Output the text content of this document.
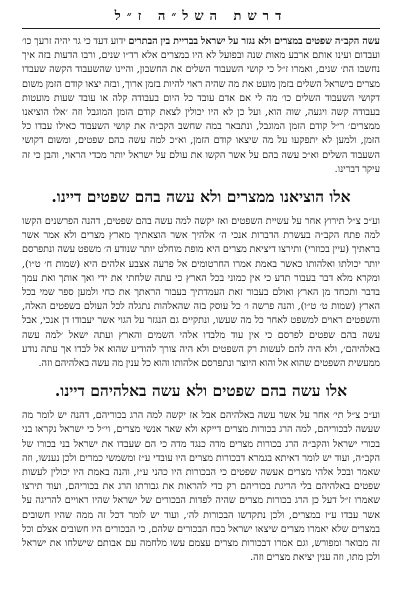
דרשת השל״ה ז״ל

עשה הקב״ה שפטים במצרים ולא נגזר על ישראל בבריית בין הבתרים ידוע דעד כי גר יהיה זרעך כו׳ ועבדום ועינו אותם ארבע מאות שנה ובפועל לא היו במצרים אלא רד״ו שנים, ורבו הדעות בזה איך נחשבו הת׳ שנים, ואמרו ז״ל כי קושי השעבוד השלים את החשבון, והיינו שהשעבוד הקשה שעבדו מצרים בישראל השלים בזמן מועט את מה שהיה ראוי להיות בזמן ארוך, ובזה יצאו קודם הזמן משום דקושי השעבוד השלים כו׳ מה לי אם אדם עובד כל היום בעבודה קלה או עובד שעות מועטות בעבודה קשה ויגעה, שוה הוא, ועל כן לא היו יכולין לצאת קודם הזמן המוגבל וזה ׳אלו הוציאנו ממצרים׳ ר״ל קודם הזמן המוגבל, ונתבאר במה שחשב הקב״ה את קושי השעבוד כאילו עבדו כל הזמן, ולמען לא יתפקעו על מה שיצאו קודם הזמן, וא״כ למה עשה בהם שפטים, ומשום דקושי השעבוד השלים וא״כ עשה בהם על אשר הקשו את עולם על ישראל יותר מכדי הראוי, והבן כי זה עיקר דברינו.

אלו הוציאנו ממצרים ולא עשה בהם שפטים דיינו.

וע״כ צ״ל תירוץ אחר על עשיית השפטים ואז יקשה למה עשה בהם שפטים, דהנה הפרשנים הקשו למה פתח הקב״ה בעשרת הדברות אנכי ה׳ אלהיך אשר הוצאתיך מארץ מצרים ולא אמר אשר בראתיך (עיין בכוזרי) ותירצו דיציאת מצרים היא מופת מוחלט יותר שנודע ה׳ משפט עשה ונתפרסם יותר יכולתו ואלהותו כאשר באמת אמרו החרטומים אל פרעה אצבע אלהים היא (שמות ח׳ ט״ו), ומקרא מלא דבר בעבור תדע כי אין כמוני בכל הארץ כי עתה שלחתי את ידי ואך אותך ואת עמך בדבר ותכחד מן הארץ ואולם בעבור זאת העמדתיך בעבור הראתך את כחי ולמען ספר שמי בכל הארץ (שמות ט׳ ט״ו), והנה פרשה ו׳ כל עוסק בזה שהאלהות נתגלה לכל העולם בשפטים האלה, והשפטים ראוים למשפט לאחר כל מה שעשו, ונתקיים גם הנגזר על הגוי אשר יעבודו דן אנכי, אבל עשה בהם שפטים לפרסם כי אין עוד מלבדו אלהי השמים והארץ ועתה ישאל ׳למה עשה באלהיהם׳, ולא היה להם לעשות רק השפטים ולא היה צורך להודיע שהוא אל לבדו אך עתה נודע ממעשית השפטים שהוא אל והוא היוצר ונתפרסם אלהותו והוא כל ענין מה עשה באלהיהם וזה.

אלו עשה בהם שפטים ולא עשה באלהיהם דיינו.

וע״כ צ״ל תי׳ אחר על אשר עשה באלהיהם אבל אז יקשה למה הרג בכוריהם, דהנה יש לומר מה שעשה לבכוריהם, למה הרג בכורות מצרים דייקא ולא שאר אנשי מצרים, וי״ל כי ישראל נקראו בני בכורי ישראל והקב״ה הרג בכורות מצרים מדה כנגד מדה כי הם שעבדו את ישראל בני בכורו של הקב״ה, ועוד יש לומר דאיתא בגמרא דבכורות מצרים היו עובדי ע״ז ומשמשי כמרים ולכן נענשו, וזה שאמר ובכל אלהי מצרים אעשה שפטים כי הבכורות היו כהני ע״ז, והנה באמת היו יכולין לעשות שפטים באלהיהם בלי הריגת בכוריהם רק כדי להראות את גבורתו הרג את בכוריהם, ועוד תירצו שאמרו ז״ל דעל כן הרג בכורות מצרים שהיה לפדות הבכורים של ישראל שהיו ראויים להריגה על אשר עבדו ע״ז במצרים, ולכן נתקדשו הבכורות לה׳, ועוד יש לומר דכל זה ממה שהיו חשובים במצרים שלא יאמרו מצרים שיצאו ישראל בכח הבכורים שלהם, כי הבכורים היו חשובים אצלם וכל זה מבואר ומפורש, וגם אמרו דבכורות מצרים עצמם עשו מלחמה עם אבותם שישלחו את ישראל ולכן מתו, וזה ענין יציאת מצרים וזה.
